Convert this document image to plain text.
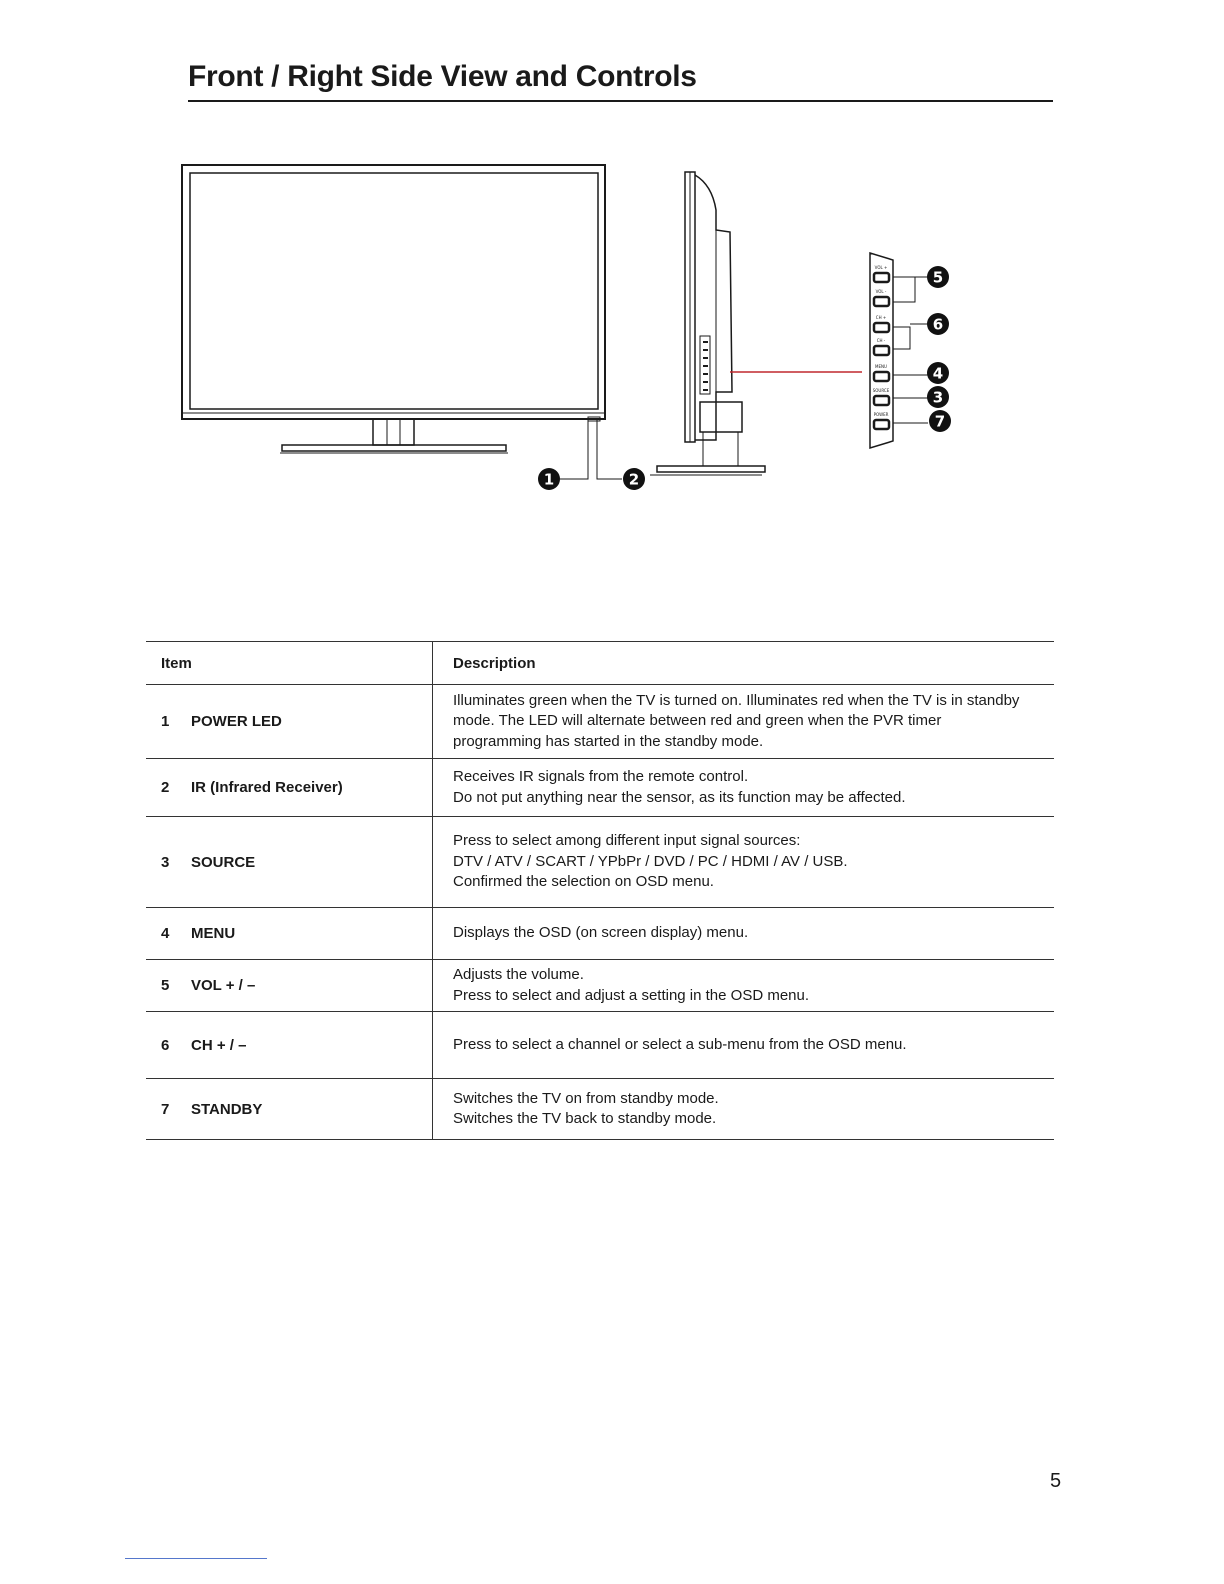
Front / Right Side View and Controls
VOL +
VOL -
CH +
CH -
MENU
SOURCE
POWER
1	2
5
6
4
3
7
Item	Description

1 POWER LED	Illuminates green when the TV is turned on. Illuminates red when the TV is in standby
mode. The LED will alternate between red and green when the PVR timer
programming has started in the standby mode.

2 IR (Infrared Receiver)	Receives IR signals from the remote control.
Do not put anything near the sensor, as its function may be affected.

3 SOURCE	Press to select among different input signal sources:
DTV / ATV / SCART / YPbPr / DVD / PC / HDMI / AV / USB.
Confirmed the selection on OSD menu.

4 MENU	Displays the OSD (on screen display) menu.

5 VOL + / –	Adjusts the volume.
Press to select and adjust a setting in the OSD menu.

6 CH + / –	Press to select a channel or select a sub-menu from the OSD menu.

7 STANDBY	Switches the TV on from standby mode.
Switches the TV back to standby mode.
5
